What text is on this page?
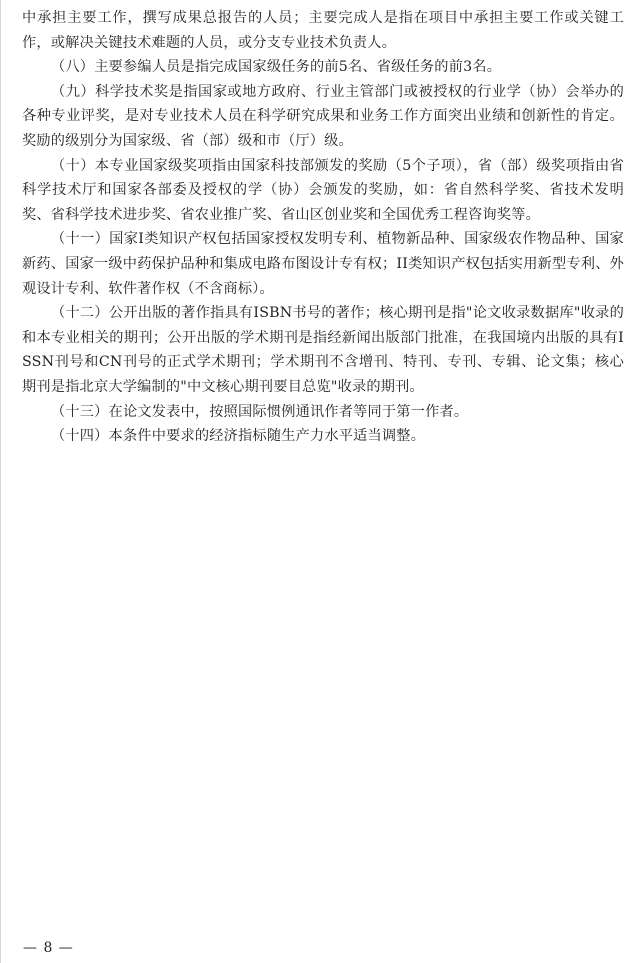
中承担主要工作，撰写成果总报告的人员；主要完成人是指在项目中承担主要工作或关键工作，或解决关键技术难题的人员，或分支专业技术负责人。

（八）主要参编人员是指完成国家级任务的前5名、省级任务的前3名。

（九）科学技术奖是指国家或地方政府、行业主管部门或被授权的行业学（协）会举办的各种专业评奖，是对专业技术人员在科学研究成果和业务工作方面突出业绩和创新性的肯定。奖励的级别分为国家级、省（部）级和市（厅）级。

（十）本专业国家级奖项指由国家科技部颁发的奖励（5个子项），省（部）级奖项指由省科学技术厅和国家各部委及授权的学（协）会颁发的奖励，如：省自然科学奖、省技术发明奖、省科学技术进步奖、省农业推广奖、省山区创业奖和全国优秀工程咨询奖等。

（十一）国家I类知识产权包括国家授权发明专利、植物新品种、国家级农作物品种、国家新药、国家一级中药保护品种和集成电路布图设计专有权；II类知识产权包括实用新型专利、外观设计专利、软件著作权（不含商标）。

（十二）公开出版的著作指具有ISBN书号的著作；核心期刊是指"论文收录数据库"收录的和本专业相关的期刊；公开出版的学术期刊是指经新闻出版部门批准，在我国境内出版的具有ISSN刊号和CN刊号的正式学术期刊；学术期刊不含增刊、特刊、专刊、专辑、论文集；核心期刊是指北京大学编制的"中文核心期刊要目总览"收录的期刊。

（十三）在论文发表中，按照国际惯例通讯作者等同于第一作者。

（十四）本条件中要求的经济指标随生产力水平适当调整。

— 8 —
